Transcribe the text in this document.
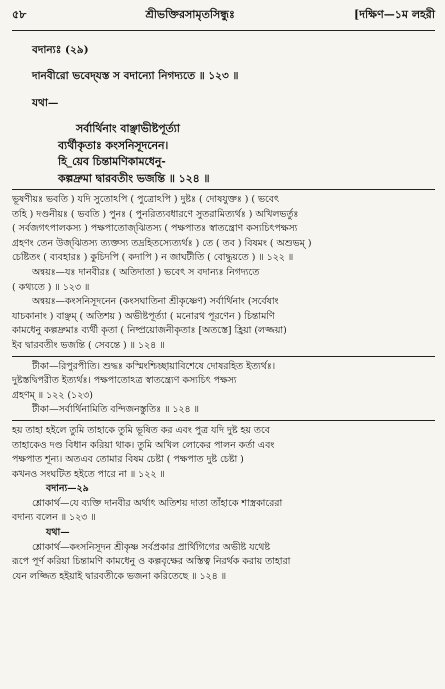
৫৮	শ্রীভক্তিরসামৃতসিন্ধুঃ	[দক্ষিণ—১ম লহরী

বদান্যঃ (২৯)

দানবীরো ভবেদ্‌যস্ত স বদান্যো নিগদ্যতে ॥ ১২৩ ॥

যথা—

সর্বার্থিনাং বাঞ্ছাভীষ্টপূর্ত্যা

ব্যর্থীকৃতাঃ কংসনিসূদনেন।

হি_য়েব চিন্তামণিকামধেনু-

কল্পদ্রুমা দ্বারবতীং ভজন্তি ॥ ১২৪ ॥

ভূষণীয়ঃ ভবতি ) যদি সুতোঽপি ( পুত্রোঽপি ) দুষ্টঃ ( দোষযুক্তঃ ) ( ভবেৎ

তহি ) দণ্ডনীয়ঃ ( ভবতি ) পুনঃ ( পুনরিত্যবধারণে সুতরামিত্যর্থঃ ) অখিলভর্তুঃ

( সর্বজগৎপালকস্য ) পক্ষপাতোজ্‌ঝিতস্য ( পক্ষপাতঃ স্বাতন্ত্রোণ কস্যচিৎপক্ষস্য

গ্রহণং তেন উজ্‌ঝিতস্য ত্যক্তস্য তদ্রহিতস্যেত্যর্থঃ ) তে ( তব ) বিষমং ( অশুভম্ )

চেষ্টিতং ( ব্যবহারঃ ) কুচিদপি ( কদাপি ) ন জাঘটীতি ( বোদ্ধুয়তে ) ॥ ১২২ ॥

অন্বয়ঃ—যঃ দানবীরঃ ( অতিদাতা ) ভবেৎ স বদান্যঃ নিগদ্যতে

( কথ্যতে ) ॥ ১২৩ ॥

অন্বয়ঃ—কংসনিসূদনেন (কংসঘাতিনা শ্রীকৃষ্ণেণ) সর্বার্থিনাং (সর্বেষাং

যাচকানাং ) বাঞ্ছম্ ( অতিশয় ) অভীষ্টপূর্ত্যা ( মনোরথ পূরণেন ) চিন্তামণি

কামধেনু কল্পদ্রুমাঃ ব্যর্থী কৃতা ( নিষ্প্রয়োজনীকৃতাঃ [অতস্তে] হ্রিয়া (লজ্জয়া)

ইব দ্বারবতীং ভজন্তি ( সেবন্তে ) ॥ ১২৪ ॥

টীকা—রিপুরপীতি। শুদ্ধঃ কস্মিংশ্চিচ্ছায়াবিশেষে দোষরহিত ইত্যর্থঃ।

দুষ্টস্তদ্বিপরীত ইত্যর্থঃ। পক্ষপাতোঽত্র স্বাতন্ত্র্যেণ কস্যচিৎ পক্ষস্য

গ্রহণম্ ॥ ১২২ (১২৩)

টীকা—সর্বার্থিনামিতি বন্দিজনস্তুতিঃ ॥ ১২৪ ॥

হয় তাহা হইলে তুমি তাহাকে তুমি ভূষিত কর এবং পুত্র যদি দুষ্ট হয় তবে

তাহাকেও দণ্ড বিধান করিয়া থাক। তুমি অখিল লোকের পালন কর্তা এবং

পক্ষপাত শূন্য। অতএব তোমার বিষম চেষ্টা ( পক্ষপাত দুষ্ট চেষ্টা )

কখনও সংঘটিত হইতে পারে না ॥ ১২২ ॥

বদান্য—২৯

শ্লোকার্থ—যে ব্যক্তি দানবীর অর্থাৎ অতিশয় দাতা তাঁহাকে শাস্ত্রকারেরা

বদান্য বলেন ॥ ১২৩ ॥

যথা—

শ্লোকার্থ—কংসনিসূদন শ্রীকৃষ্ণ সর্বপ্রকার প্রার্থিগিগের অভীষ্ট যথেষ্ট

রূপে পূর্ণ করিয়া চিন্তামণি কামধেনু ও কল্পবৃক্ষের অস্তিত্ব নিরর্থক করায় তাহারা

যেন লজ্জিত হইয়াই দ্বারবতীকে ভজনা করিতেছে ॥ ১২৪ ॥
